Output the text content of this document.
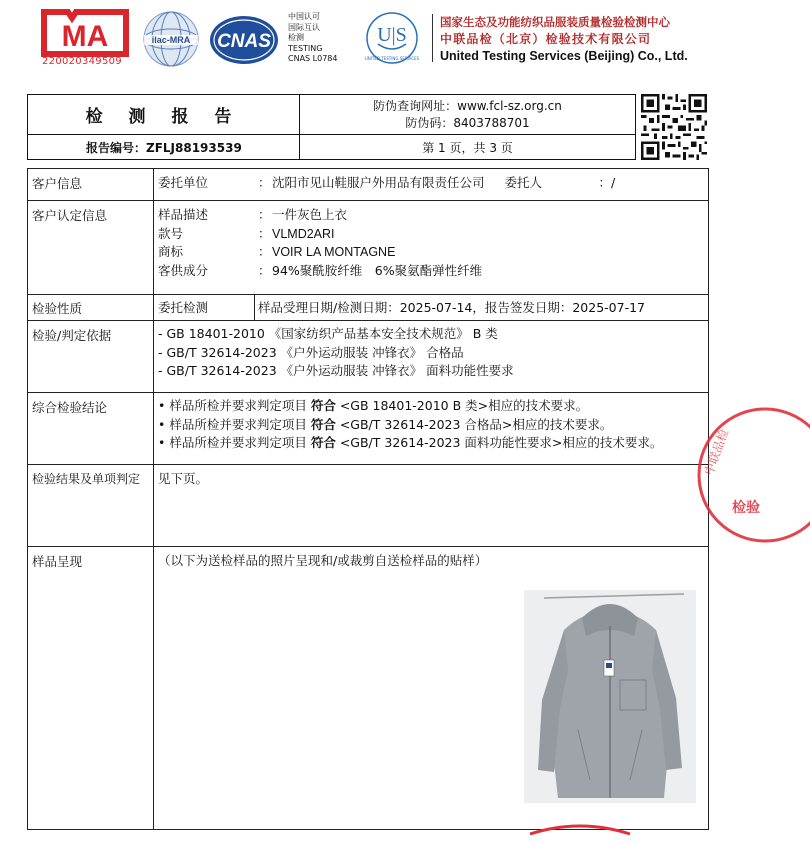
MA
220020349509
ilac-MRA CNAS
中国认可
国际互认
检测
TESTING
CNAS L0784
U|S
UNITED TESTING SERVICES
国家生态及功能纺织品服装质量检验检测中心
中联品检（北京）检验技术有限公司
United Testing Services (Beijing) Co., Ltd.
检 测 报 告
防伪查询网址：www.fcl-sz.org.cn
防伪码：8403788701
报告编号：ZFLJ88193539	第 1 页，共 3 页
客户信息	委托单位	： 沈阳市见山鞋服户外用品有限责任公司 委托人	：/
客户认定信息	样品描述	： 一件灰色上衣
款号	： VLMD2ARI
商标	： VOIR LA MONTAGNE
客供成分	： 94%聚酰胺纤维　6%聚氨酯弹性纤维
检验性质	委托检测	样品受理日期/检测日期：2025-07-14，报告签发日期：2025-07-17
检验/判定依据	- GB 18401-2010 《国家纺织产品基本安全技术规范》 B 类
- GB/T 32614-2023 《户外运动服装 冲锋衣》 合格品
- GB/T 32614-2023 《户外运动服装 冲锋衣》 面料功能性要求
综合检验结论	• 样品所检并要求判定项目 符合 <GB 18401-2010 B 类>相应的技术要求。
• 样品所检并要求判定项目 符合 <GB/T 32614-2023 合格品>相应的技术要求。
• 样品所检并要求判定项目 符合 <GB/T 32614-2023 面料功能性要求>相应的技术要求。
检验结果及单项判定	见下页。
样品呈现	（以下为送检样品的照片呈现和/或裁剪自送检样品的贴样）
检验
中联品检
